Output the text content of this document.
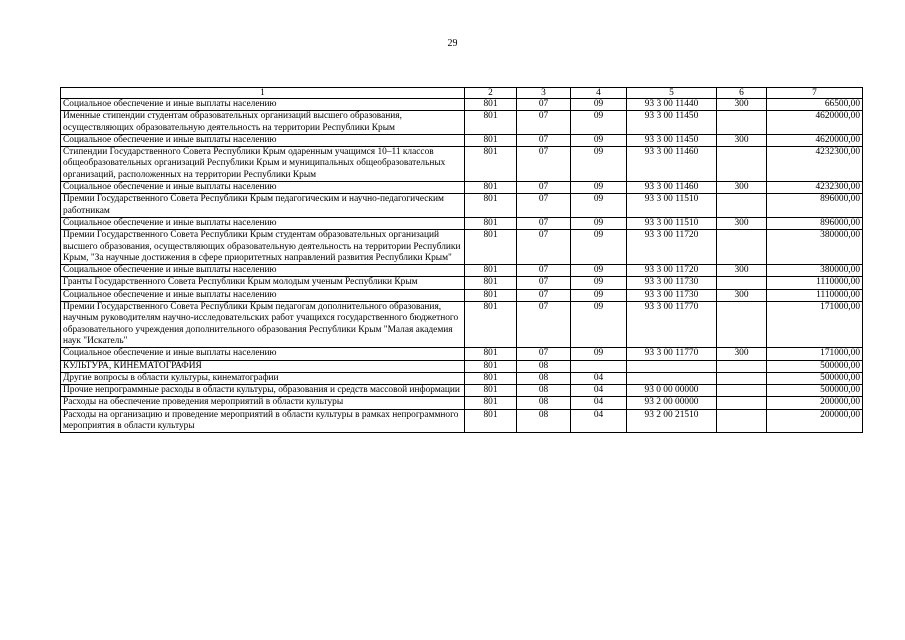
29
1	2	3	4	5	6	7
Социальное обеспечение и иные выплаты населению	801	07	09	93 3 00 11440	300	66500,00
Именные стипендии студентам образовательных организаций высшего образования, осуществляющих образовательную деятельность на территории Республики Крым	801	07	09	93 3 00 11450		4620000,00
Социальное обеспечение и иные выплаты населению	801	07	09	93 3 00 11450	300	4620000,00
Стипендии Государственного Совета Республики Крым одаренным учащимся 10–11 классов общеобразовательных организаций Республики Крым и муниципальных общеобразовательных организаций, расположенных на территории Республики Крым	801	07	09	93 3 00 11460		4232300,00
Социальное обеспечение и иные выплаты населению	801	07	09	93 3 00 11460	300	4232300,00
Премии Государственного Совета Республики Крым педагогическим и научно-педагогическим работникам	801	07	09	93 3 00 11510		896000,00
Социальное обеспечение и иные выплаты населению	801	07	09	93 3 00 11510	300	896000,00
Премии Государственного Совета Республики Крым студентам образовательных организаций высшего образования, осуществляющих образовательную деятельность на территории Республики Крым, "За научные достижения в сфере приоритетных направлений развития Республики Крым"	801	07	09	93 3 00 11720		380000,00
Социальное обеспечение и иные выплаты населению	801	07	09	93 3 00 11720	300	380000,00
Гранты Государственного Совета Республики Крым молодым ученым Республики Крым	801	07	09	93 3 00 11730		1110000,00
Социальное обеспечение и иные выплаты населению	801	07	09	93 3 00 11730	300	1110000,00
Премии Государственного Совета Республики Крым педагогам дополнительного образования, научным руководителям научно-исследовательских работ учащихся государственного бюджетного образовательного учреждения дополнительного образования Республики Крым "Малая академия наук "Искатель"	801	07	09	93 3 00 11770		171000,00
Социальное обеспечение и иные выплаты населению	801	07	09	93 3 00 11770	300	171000,00
КУЛЬТУРА, КИНЕМАТОГРАФИЯ	801	08				500000,00
Другие вопросы в области культуры, кинематографии	801	08	04			500000,00
Прочие непрограммные расходы в области культуры, образования и средств массовой информации	801	08	04	93 0 00 00000		500000,00
Расходы на обеспечение проведения мероприятий в области культуры	801	08	04	93 2 00 00000		200000,00
Расходы на организацию и проведение мероприятий в области культуры в рамках непрограммного мероприятия в области культуры	801	08	04	93 2 00 21510		200000,00
